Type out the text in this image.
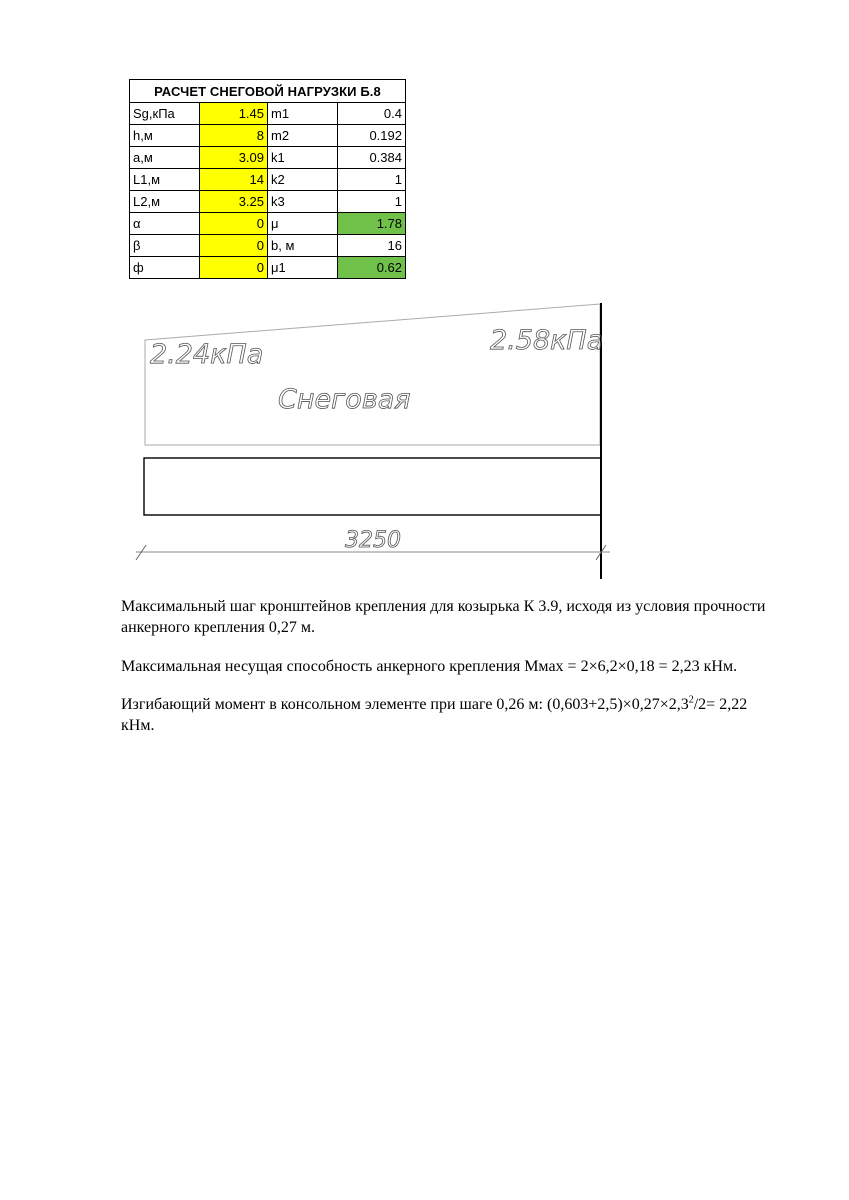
РАСЧЕТ СНЕГОВОЙ НАГРУЗКИ Б.8			
Sg,кПа	1.45	m1	0.4
h,м	8	m2	0.192
a,м	3.09	k1	0.384
L1,м	14	k2	1
L2,м	3.25	k3	1
α	0	μ	1.78
β	0	b, м	16
ф	0	μ1	0.62
2.24кПа	2.58кПа
Снеговая
3250

Максимальный шаг кронштейнов крепления для козырька К 3.9, исходя из условия прочности анкерного крепления 0,27 м.

Максимальная несущая способность анкерного крепления Ммах = 2×6,2×0,18 = 2,23 кНм.

Изгибающий момент в консольном элементе при шаге 0,26 м: $(0,603+2,5)\times 0,27\times 2,3^2/2= 2,22$ кНм.
